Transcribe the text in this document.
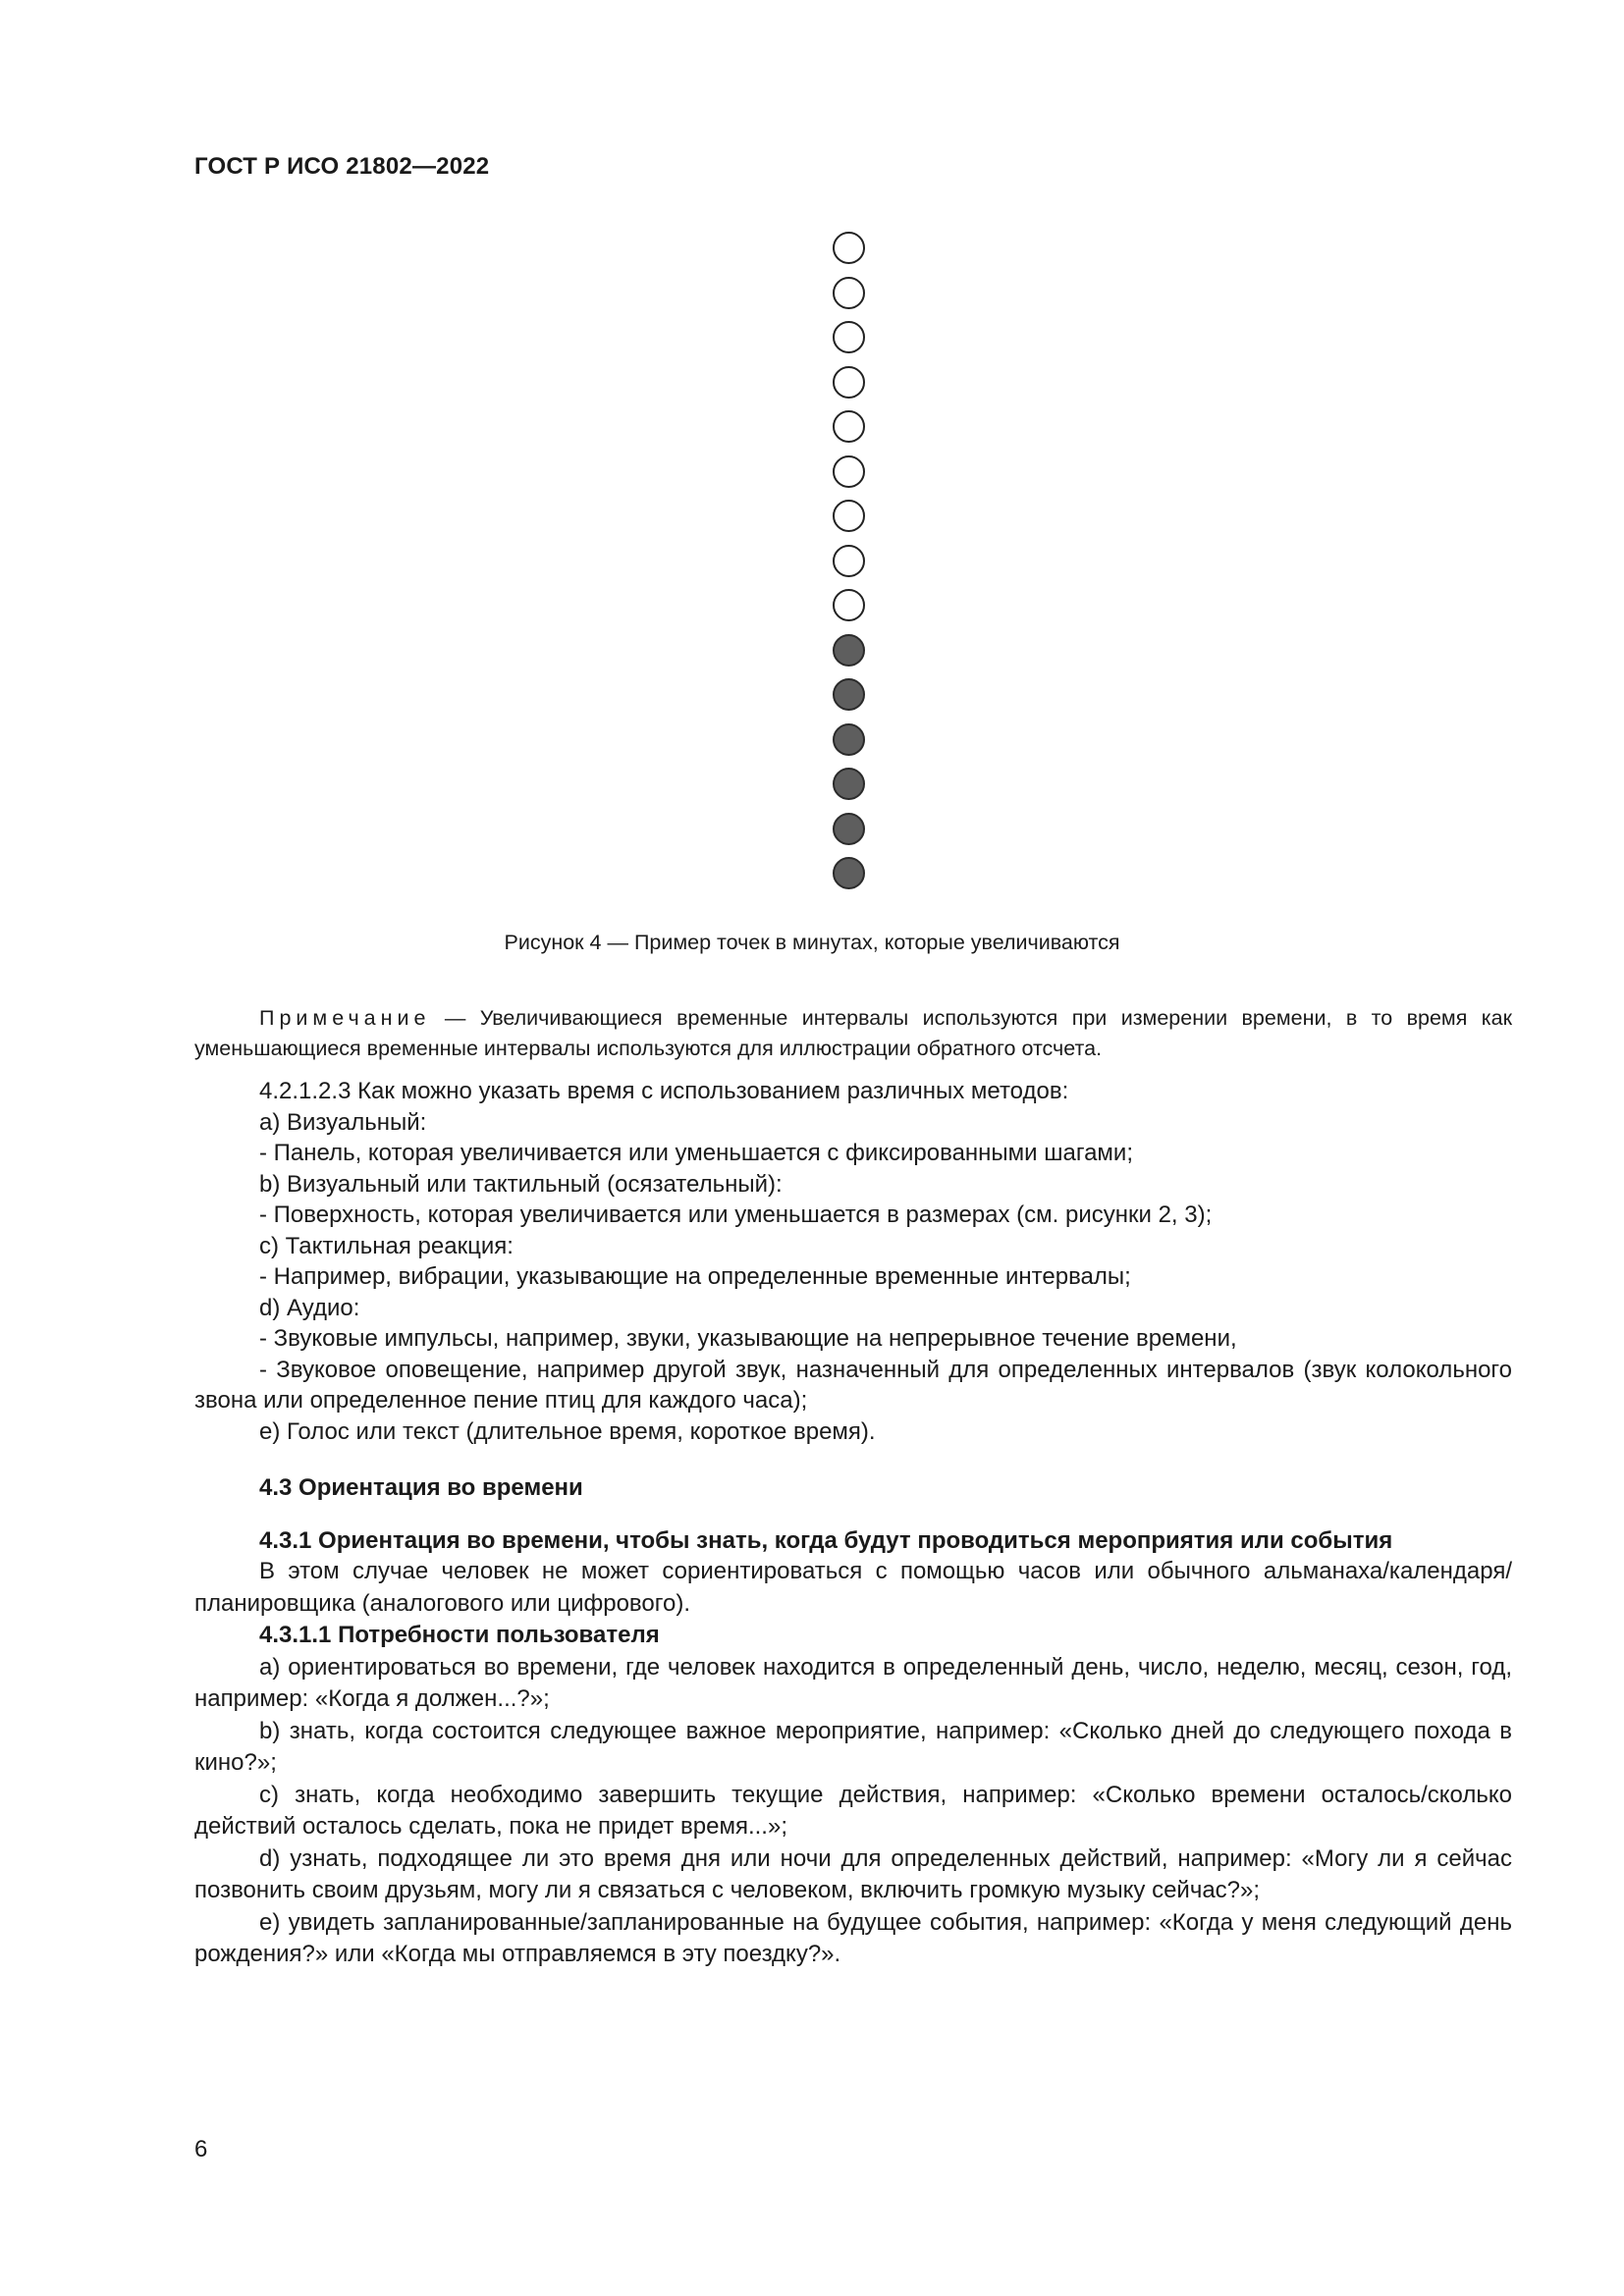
ГОСТ Р ИСО 21802—2022
Рисунок 4 — Пример точек в минутах, которые увеличиваются

Примечание — Увеличивающиеся временные интервалы используются при измерении времени, в то время как уменьшающиеся временные интервалы используются для иллюстрации обратного отсчета.

4.2.1.2.3 Как можно указать время с использованием различных методов:

a) Визуальный:

- Панель, которая увеличивается или уменьшается с фиксированными шагами;

b) Визуальный или тактильный (осязательный):

- Поверхность, которая увеличивается или уменьшается в размерах (см. рисунки 2, 3);

c) Тактильная реакция:

- Например, вибрации, указывающие на определенные временные интервалы;

d) Аудио:

- Звуковые импульсы, например, звуки, указывающие на непрерывное течение времени,

- Звуковое оповещение, например другой звук, назначенный для определенных интервалов (звук колокольного звона или определенное пение птиц для каждого часа);

e) Голос или текст (длительное время, короткое время).

4.3 Ориентация во времени
4.3.1 Ориентация во времени, чтобы знать, когда будут проводиться мероприятия или события

В этом случае человек не может сориентироваться с помощью часов или обычного альманаха/календаря/планировщика (аналогового или цифрового).

4.3.1.1 Потребности пользователя

a) ориентироваться во времени, где человек находится в определенный день, число, неделю, месяц, сезон, год, например: «Когда я должен...?»;

b) знать, когда состоится следующее важное мероприятие, например: «Сколько дней до следующего похода в кино?»;

c) знать, когда необходимо завершить текущие действия, например: «Сколько времени осталось/сколько действий осталось сделать, пока не придет время...»;

d) узнать, подходящее ли это время дня или ночи для определенных действий, например: «Могу ли я сейчас позвонить своим друзьям, могу ли я связаться с человеком, включить громкую музыку сейчас?»;

e) увидеть запланированные/запланированные на будущее события, например: «Когда у меня следующий день рождения?» или «Когда мы отправляемся в эту поездку?».

6
